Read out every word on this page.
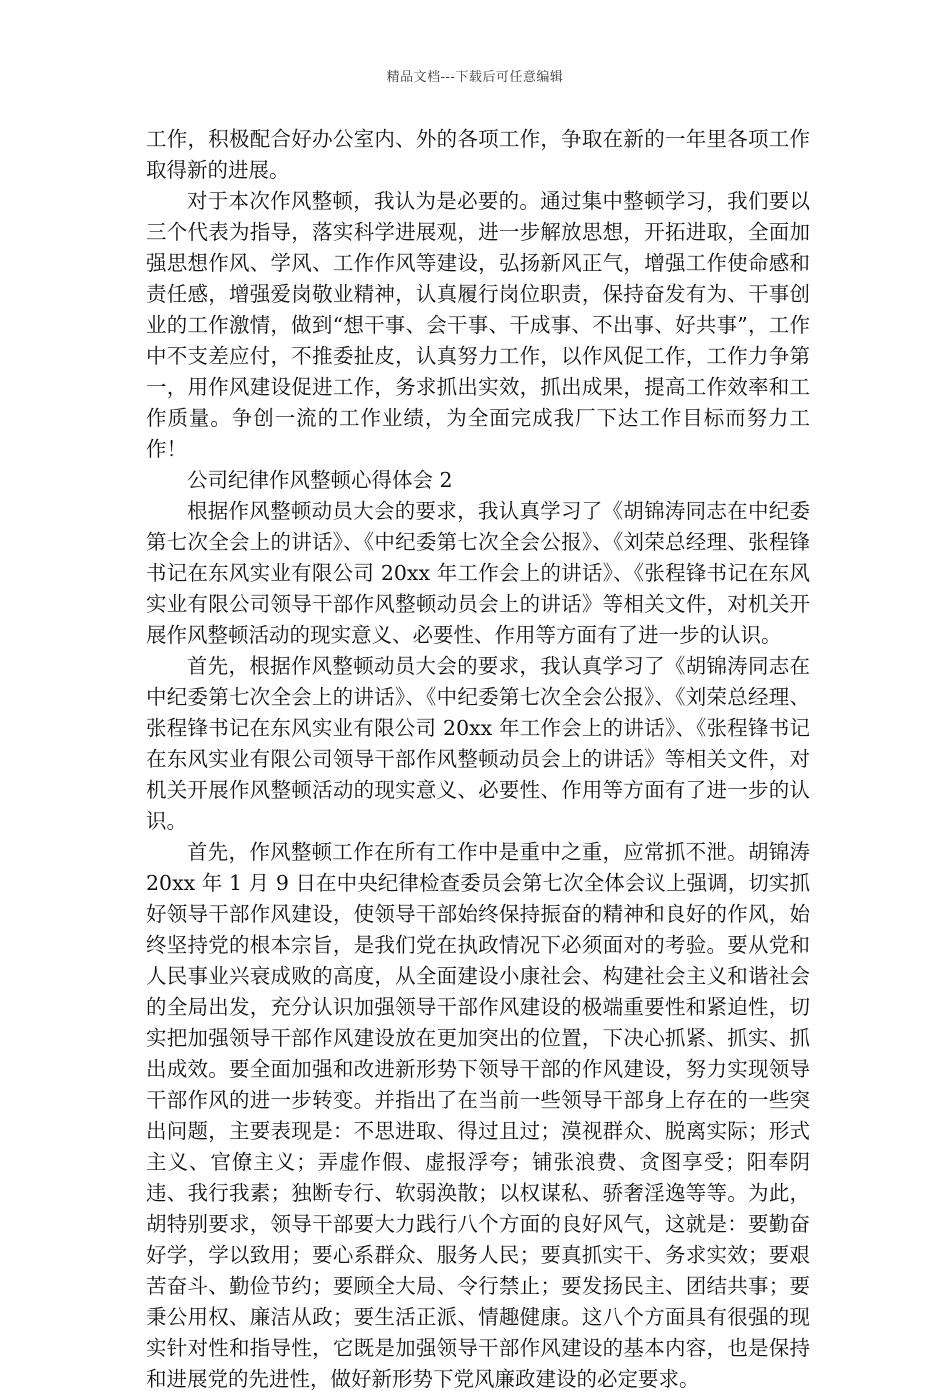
精品文档---下载后可任意编辑

工作，积极配合好办公室内、外的各项工作，争取在新的一年里各项工作取得新的进展。

对于本次作风整顿，我认为是必要的。通过集中整顿学习，我们要以三个代表为指导，落实科学进展观，进一步解放思想，开拓进取，全面加强思想作风、学风、工作作风等建设，弘扬新风正气，增强工作使命感和责任感，增强爱岗敬业精神，认真履行岗位职责，保持奋发有为、干事创业的工作激情，做到“想干事、会干事、干成事、不出事、好共事”，工作中不支差应付，不推委扯皮，认真努力工作，以作风促工作，工作力争第一，用作风建设促进工作，务求抓出实效，抓出成果，提高工作效率和工作质量。争创一流的工作业绩，为全面完成我厂下达工作目标而努力工作！

公司纪律作风整顿心得体会 2

根据作风整顿动员大会的要求，我认真学习了《胡锦涛同志在中纪委第七次全会上的讲话》、《中纪委第七次全会公报》、《刘荣总经理、张程锋书记在东风实业有限公司 20xx 年工作会上的讲话》、《张程锋书记在东风实业有限公司领导干部作风整顿动员会上的讲话》等相关文件，对机关开展作风整顿活动的现实意义、必要性、作用等方面有了进一步的认识。

首先，根据作风整顿动员大会的要求，我认真学习了《胡锦涛同志在中纪委第七次全会上的讲话》、《中纪委第七次全会公报》、《刘荣总经理、张程锋书记在东风实业有限公司 20xx 年工作会上的讲话》、《张程锋书记在东风实业有限公司领导干部作风整顿动员会上的讲话》等相关文件，对机关开展作风整顿活动的现实意义、必要性、作用等方面有了进一步的认识。

首先，作风整顿工作在所有工作中是重中之重，应常抓不泄。胡锦涛 20xx 年 1 月 9 日在中央纪律检查委员会第七次全体会议上强调，切实抓好领导干部作风建设，使领导干部始终保持振奋的精神和良好的作风，始终坚持党的根本宗旨，是我们党在执政情况下必须面对的考验。要从党和人民事业兴衰成败的高度，从全面建设小康社会、构建社会主义和谐社会的全局出发，充分认识加强领导干部作风建设的极端重要性和紧迫性，切实把加强领导干部作风建设放在更加突出的位置，下决心抓紧、抓实、抓出成效。要全面加强和改进新形势下领导干部的作风建设，努力实现领导干部作风的进一步转变。并指出了在当前一些领导干部身上存在的一些突出问题，主要表现是：不思进取、得过且过；漠视群众、脱离实际；形式主义、官僚主义；弄虚作假、虚报浮夸；铺张浪费、贪图享受；阳奉阴违、我行我素；独断专行、软弱涣散；以权谋私、骄奢淫逸等等。为此，胡特别要求，领导干部要大力践行八个方面的良好风气，这就是：要勤奋好学，学以致用；要心系群众、服务人民；要真抓实干、务求实效；要艰苦奋斗、勤俭节约；要顾全大局、令行禁止；要发扬民主、团结共事；要秉公用权、廉洁从政；要生活正派、情趣健康。这八个方面具有很强的现实针对性和指导性，它既是加强领导干部作风建设的基本内容，也是保持和进展党的先进性，做好新形势下党风廉政建设的必定要求。
